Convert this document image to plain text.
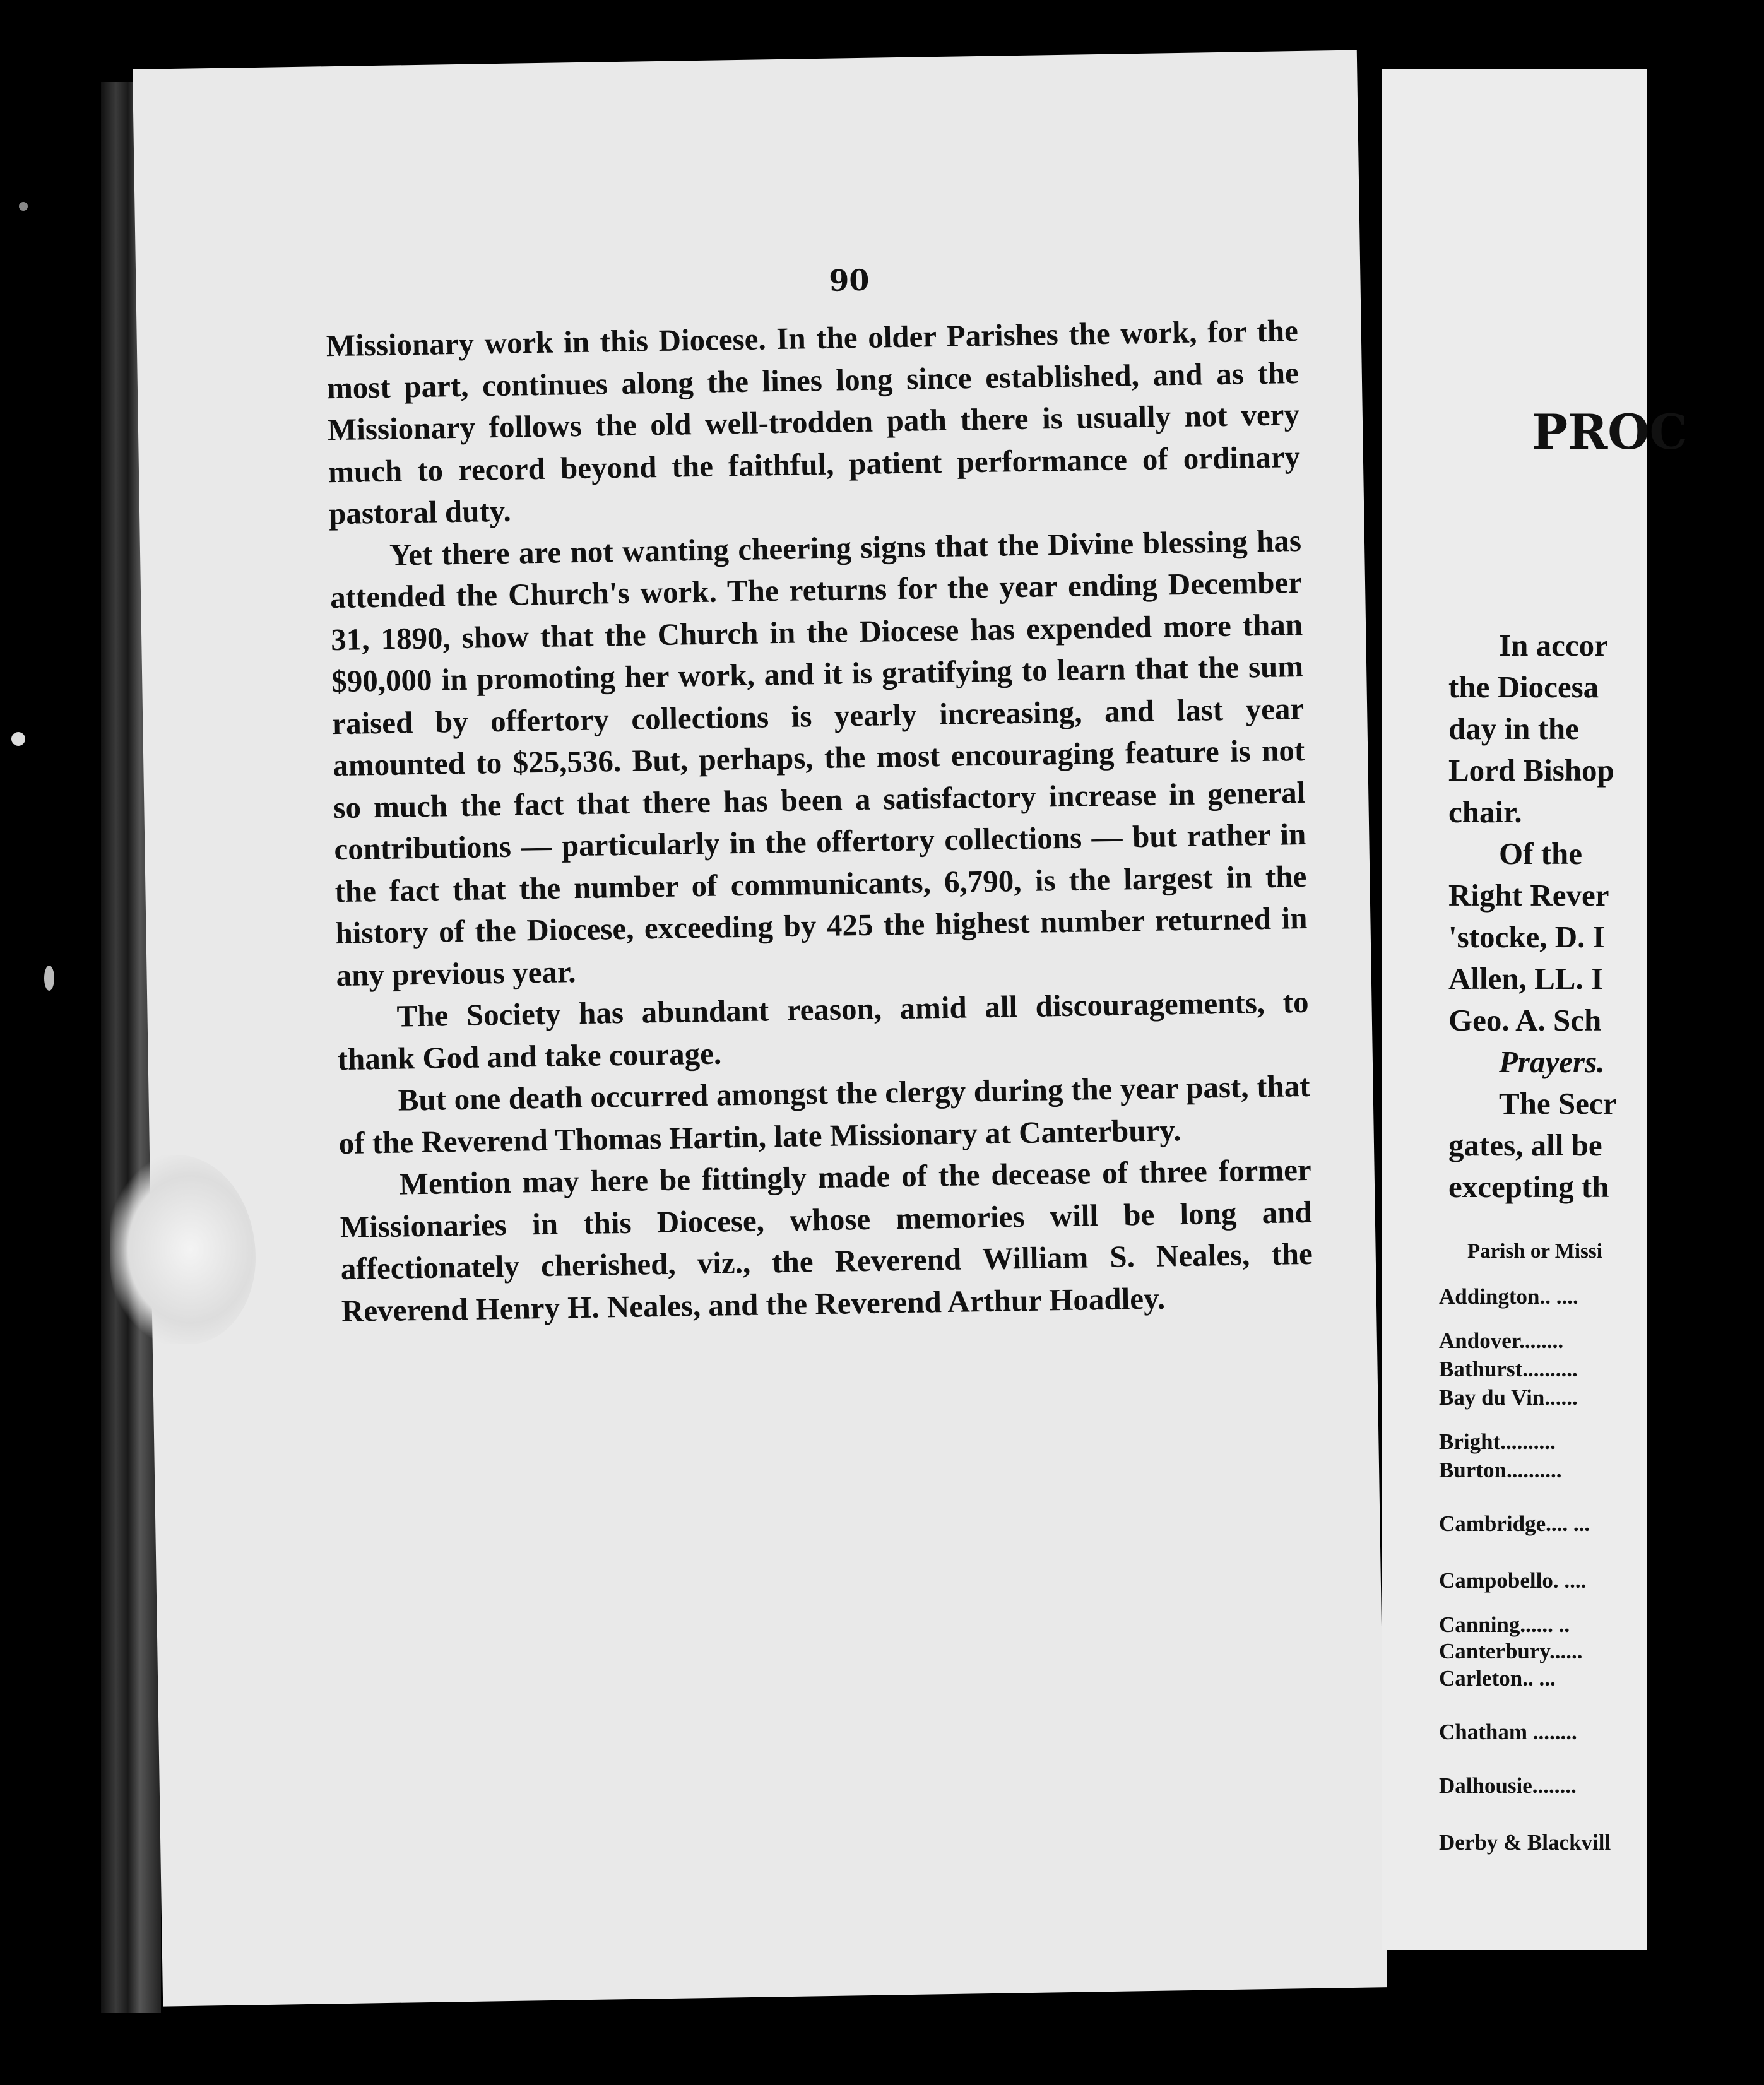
90

Missionary work in this Diocese. In the older Parishes the work, for the most part, continues along the lines long since established, and as the Missionary follows the old well-trodden path there is usually not very much to record beyond the faithful, patient performance of ordinary pastoral duty.

Yet there are not wanting cheering signs that the Divine blessing has attended the Church's work. The returns for the year ending December 31, 1890, show that the Church in the Diocese has expended more than $90,000 in promoting her work, and it is gratifying to learn that the sum raised by offertory collections is yearly increasing, and last year amounted to $25,536. But, perhaps, the most encouraging feature is not so much the fact that there has been a satisfactory increase in general contributions — particularly in the offertory collections — but rather in the fact that the number of communicants, 6,790, is the largest in the history of the Diocese, exceeding by 425 the highest number returned in any previous year.

The Society has abundant reason, amid all discouragements, to thank God and take courage.

But one death occurred amongst the clergy during the year past, that of the Reverend Thomas Hartin, late Missionary at Canterbury.

Mention may here be fittingly made of the decease of three former Missionaries in this Diocese, whose memories will be long and affectionately cherished, viz., the Reverend William S. Neales, the Reverend Henry H. Neales, and the Reverend Arthur Hoadley.

PROC
In accor
the Diocesa
day in the
Lord Bishop
chair.
Of the
Right Rever
'stocke, D. I
Allen, LL. I
Geo. A. Sch
Prayers.
The Secr
gates, all be
excepting th
Parish or Missi
Addington.. ....
Andover........
Bathurst..........
Bay du Vin......
Bright..........
Burton..........
Cambridge.... ...
Campobello. ....
Canning...... ..
Canterbury......
Carleton.. ...
Chatham ........
Dalhousie........
Derby & Blackvill
